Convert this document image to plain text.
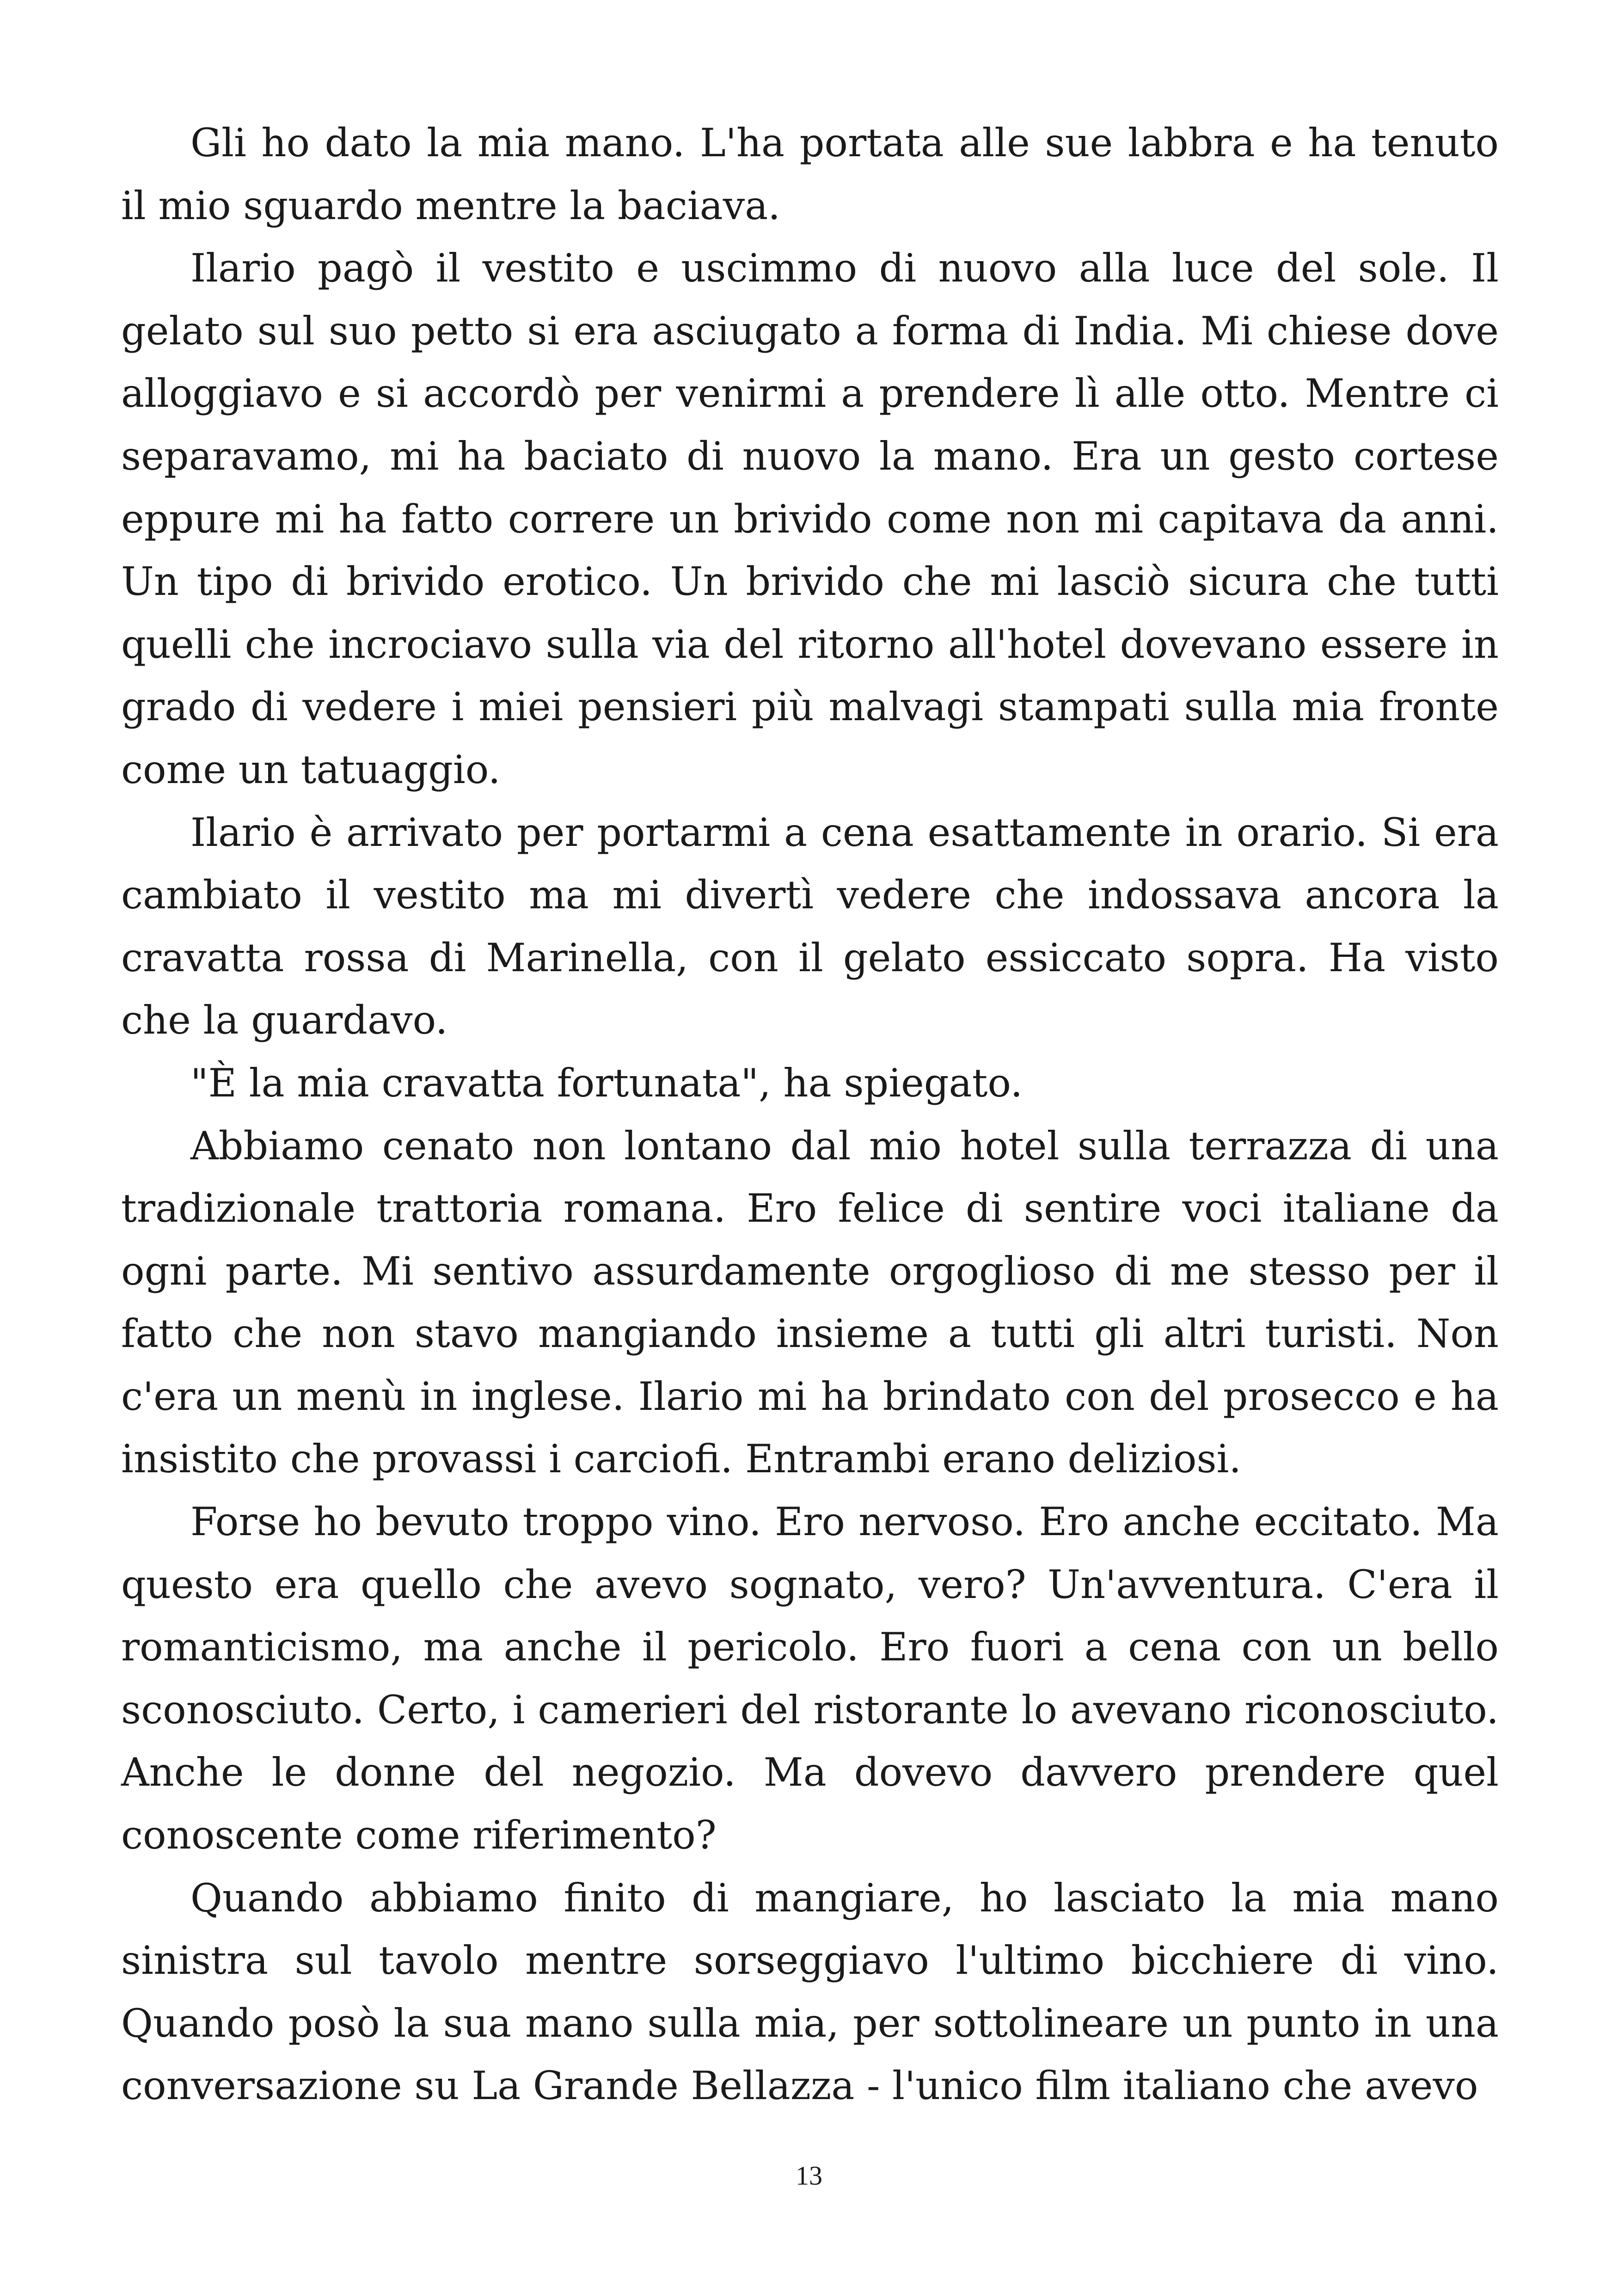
Gli ho dato la mia mano. L'ha portata alle sue labbra e ha tenuto il mio sguardo mentre la baciava.

Ilario pagò il vestito e uscimmo di nuovo alla luce del sole. Il gelato sul suo petto si era asciugato a forma di India. Mi chiese dove alloggiavo e si accordò per venirmi a prendere lì alle otto. Mentre ci separavamo, mi ha baciato di nuovo la mano. Era un gesto cortese eppure mi ha fatto correre un brivido come non mi capitava da anni. Un tipo di brivido erotico. Un brivido che mi lasciò sicura che tutti quelli che incrociavo sulla via del ritorno all'hotel dovevano essere in grado di vedere i miei pensieri più malvagi stampati sulla mia fronte come un tatuaggio.

Ilario è arrivato per portarmi a cena esattamente in orario. Si era cambiato il vestito ma mi divertì vedere che indossava ancora la cravatta rossa di Marinella, con il gelato essiccato sopra. Ha visto che la guardavo.

"È la mia cravatta fortunata", ha spiegato.

Abbiamo cenato non lontano dal mio hotel sulla terrazza di una tradizionale trattoria romana. Ero felice di sentire voci italiane da ogni parte. Mi sentivo assurdamente orgoglioso di me stesso per il fatto che non stavo mangiando insieme a tutti gli altri turisti. Non c'era un menù in inglese. Ilario mi ha brindato con del prosecco e ha insistito che provassi i carciofi. Entrambi erano deliziosi.

Forse ho bevuto troppo vino. Ero nervoso. Ero anche eccitato. Ma questo era quello che avevo sognato, vero? Un'avventura. C'era il romanticismo, ma anche il pericolo. Ero fuori a cena con un bello sconosciuto. Certo, i camerieri del ristorante lo avevano riconosciuto. Anche le donne del negozio. Ma dovevo davvero prendere quel conoscente come riferimento?

Quando abbiamo finito di mangiare, ho lasciato la mia mano sinistra sul tavolo mentre sorseggiavo l'ultimo bicchiere di vino. Quando posò la sua mano sulla mia, per sottolineare un punto in una conversazione su La Grande Bellazza - l'unico film italiano che avevo

13
